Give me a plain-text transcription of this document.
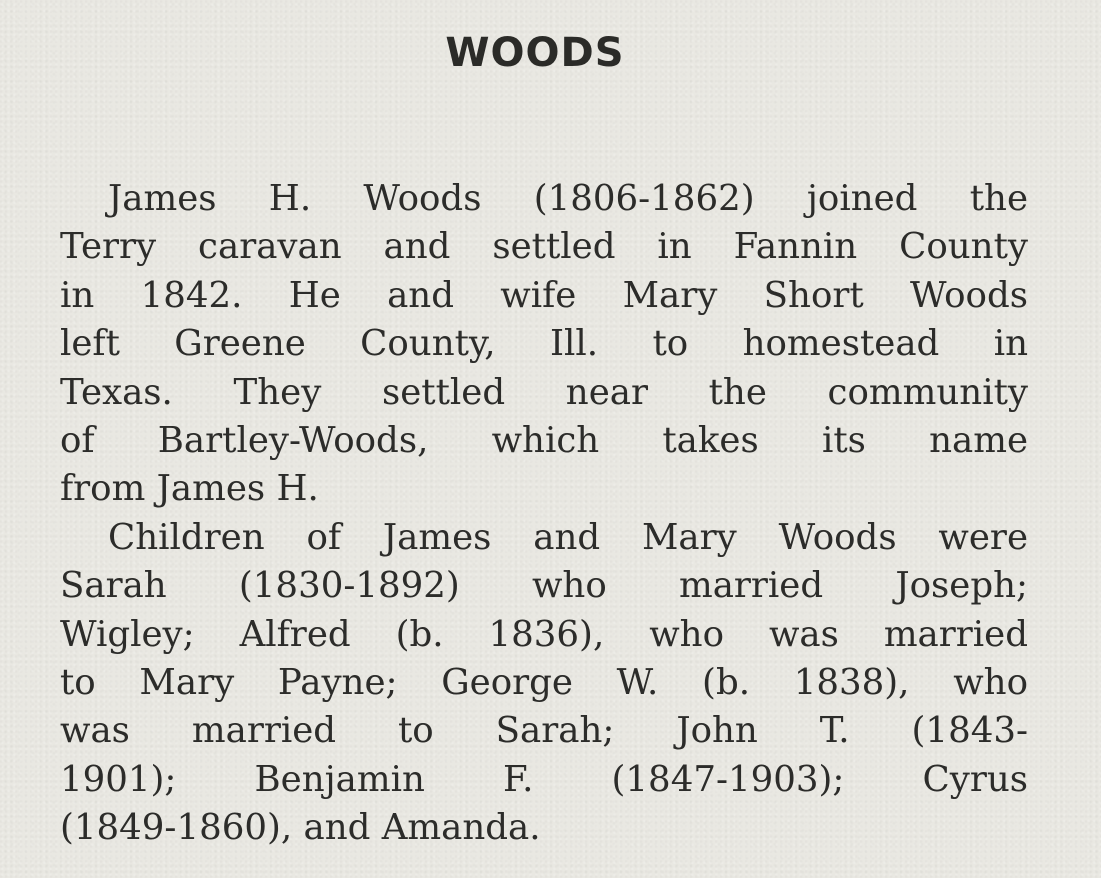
WOODS
James H. Woods (1806-1862) joined the
Terry caravan and settled in Fannin County
in 1842. He and wife Mary Short Woods
left Greene County, Ill. to homestead in
Texas. They settled near the community
of Bartley-Woods, which takes its name
from James H.
Children of James and Mary Woods were
Sarah (1830-1892) who married Joseph;
Wigley; Alfred (b. 1836), who was married
to Mary Payne; George W. (b. 1838), who
was married to Sarah; John T. (1843-
1901); Benjamin F. (1847-1903); Cyrus
(1849-1860), and Amanda.
